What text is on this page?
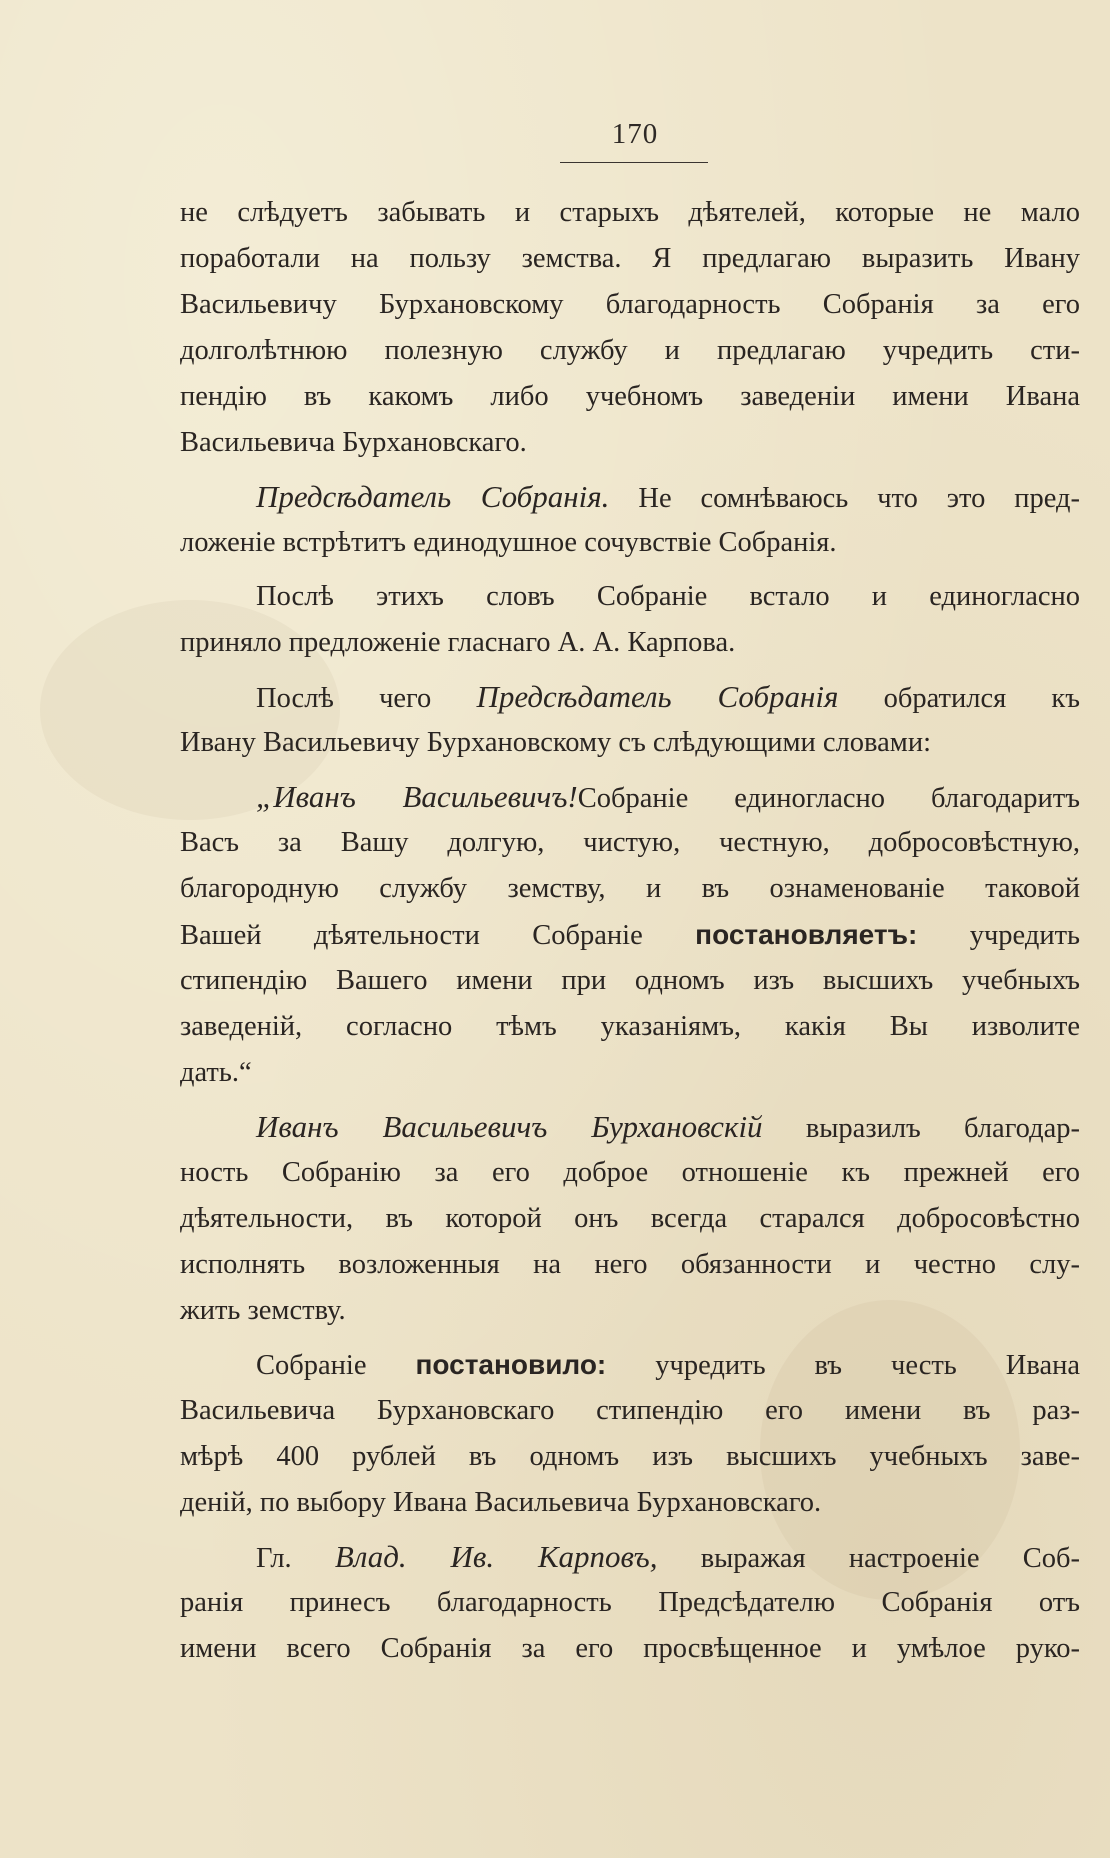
170
не слѣдуетъ забывать и старыхъ дѣятелей, которые не мало
поработали на пользу земства. Я предлагаю выразить Ивану
Васильевичу Бурхановскому благодарность Собранія за его
долголѣтнюю полезную службу и предлагаю учредить сти-
пендію въ какомъ либо учебномъ заведеніи имени Ивана
Васильевича Бурхановскаго.
Предсѣдатель Собранія. Не сомнѣваюсь что это пред-
ложеніе встрѣтитъ единодушное сочувствіе Собранія.
Послѣ этихъ словъ Собраніе встало и единогласно
приняло предложеніе гласнаго А. А. Карпова.
Послѣ чего Предсѣдатель Собранія обратился къ
Ивану Васильевичу Бурхановскому съ слѣдующими словами:
„Иванъ Васильевичъ!Собраніе единогласно благодаритъ
Васъ за Вашу долгую, чистую, честную, добросовѣстную,
благородную службу земству, и въ ознаменованіе таковой
Вашей дѣятельности Собраніе постановляетъ: учредить
стипендію Вашего имени при одномъ изъ высшихъ учебныхъ
заведеній, согласно тѣмъ указаніямъ, какія Вы изволите
дать.“
Иванъ Васильевичъ Бурхановскій выразилъ благодар-
ность Собранію за его доброе отношеніе къ прежней его
дѣятельности, въ которой онъ всегда старался добросовѣстно
исполнять возложенныя на него обязанности и честно слу-
жить земству.
Собраніе постановило: учредить въ честь Ивана
Васильевича Бурхановскаго стипендію его имени въ раз-
мѣрѣ 400 рублей въ одномъ изъ высшихъ учебныхъ заве-
деній, по выбору Ивана Васильевича Бурхановскаго.
Гл. Влад. Ив. Карповъ, выражая настроеніе Соб-
ранія принесъ благодарность Предсѣдателю Собранія отъ
имени всего Собранія за его просвѣщенное и умѣлое руко-
